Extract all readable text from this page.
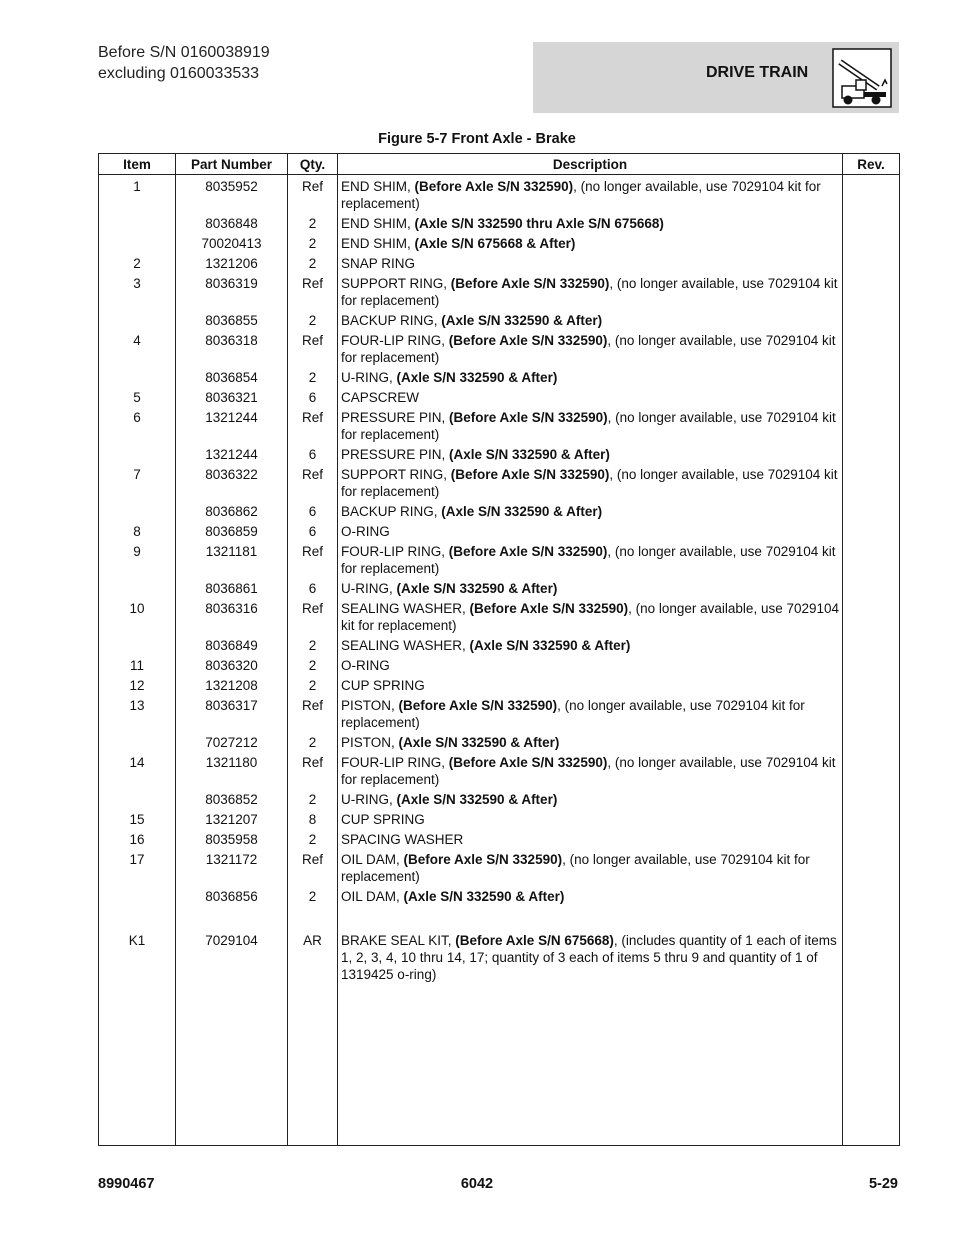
Before S/N 0160038919
excluding 0160033533	DRIVE TRAIN
Figure 5-7 Front Axle - Brake
Item	Part Number	Qty.	Description	Rev.
1	8035952	Ref	END SHIM, (Before Axle S/N 332590), (no longer available, use 7029104 kit for replacement)	
	8036848	2	END SHIM, (Axle S/N 332590 thru Axle S/N 675668)	
	70020413	2	END SHIM, (Axle S/N 675668 & After)	
2	1321206	2	SNAP RING	
3	8036319	Ref	SUPPORT RING, (Before Axle S/N 332590), (no longer available, use 7029104 kit for replacement)	
	8036855	2	BACKUP RING, (Axle S/N 332590 & After)	
4	8036318	Ref	FOUR-LIP RING, (Before Axle S/N 332590), (no longer available, use 7029104 kit for replacement)	
	8036854	2	U-RING, (Axle S/N 332590 & After)	
5	8036321	6	CAPSCREW	
6	1321244	Ref	PRESSURE PIN, (Before Axle S/N 332590), (no longer available, use 7029104 kit for replacement)	
	1321244	6	PRESSURE PIN, (Axle S/N 332590 & After)	
7	8036322	Ref	SUPPORT RING, (Before Axle S/N 332590), (no longer available, use 7029104 kit for replacement)	
	8036862	6	BACKUP RING, (Axle S/N 332590 & After)	
8	8036859	6	O-RING	
9	1321181	Ref	FOUR-LIP RING, (Before Axle S/N 332590), (no longer available, use 7029104 kit for replacement)	
	8036861	6	U-RING, (Axle S/N 332590 & After)	
10	8036316	Ref	SEALING WASHER, (Before Axle S/N 332590), (no longer available, use 7029104 kit for replacement)	
	8036849	2	SEALING WASHER, (Axle S/N 332590 & After)	
11	8036320	2	O-RING	
12	1321208	2	CUP SPRING	
13	8036317	Ref	PISTON, (Before Axle S/N 332590), (no longer available, use 7029104 kit for replacement)	
	7027212	2	PISTON, (Axle S/N 332590 & After)	
14	1321180	Ref	FOUR-LIP RING, (Before Axle S/N 332590), (no longer available, use 7029104 kit for replacement)	
	8036852	2	U-RING, (Axle S/N 332590 & After)	
15	1321207	8	CUP SPRING	
16	8035958	2	SPACING WASHER	
17	1321172	Ref	OIL DAM, (Before Axle S/N 332590), (no longer available, use 7029104 kit for replacement)	
	8036856	2	OIL DAM, (Axle S/N 332590 & After)	

K1	7029104	AR	BRAKE SEAL KIT, (Before Axle S/N 675668), (includes quantity of 1 each of items 1, 2, 3, 4, 10 thru 14, 17; quantity of 3 each of items 5 thru 9 and quantity of 1 of 1319425 o-ring)	

8990467	6042	5-29
